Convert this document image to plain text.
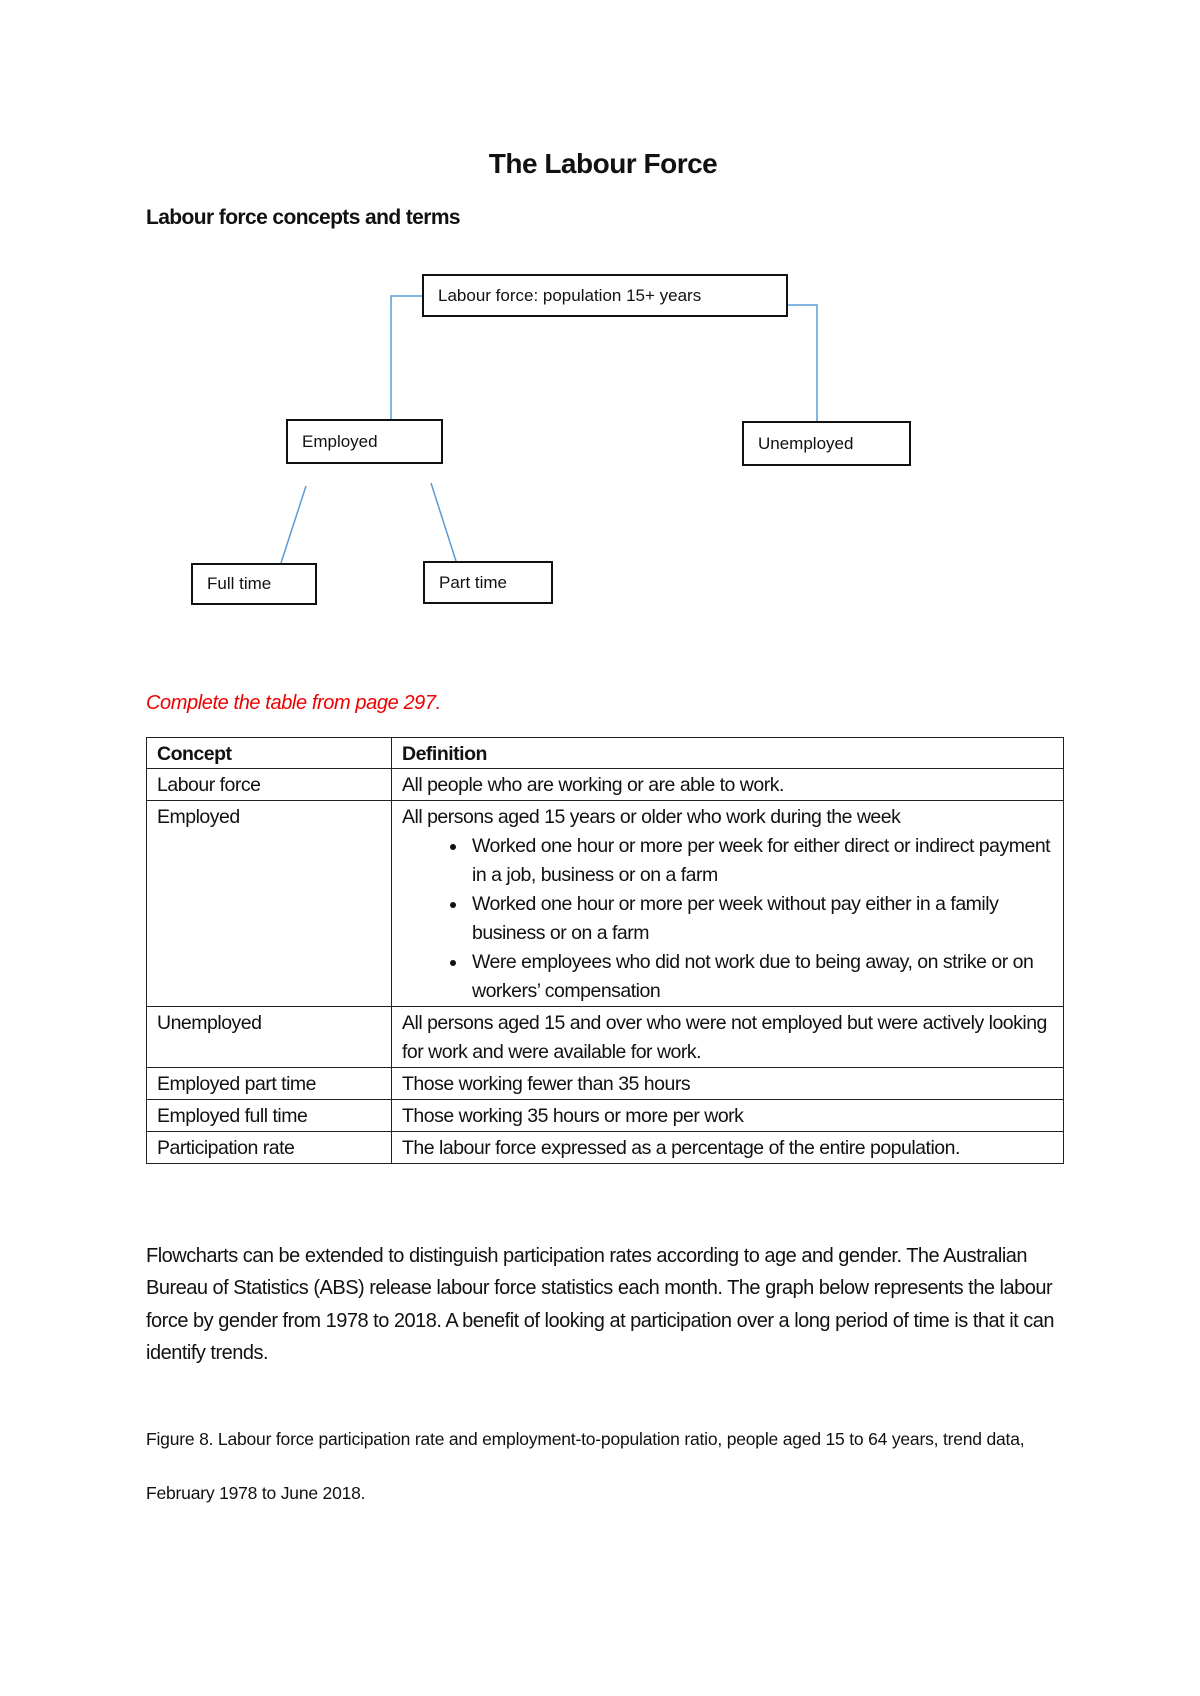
The Labour Force
Labour force concepts and terms
Labour force: population 15+ years
Employed	Unemployed
Full time	Part time
Complete the table from page 297.
Concept	Definition
Labour force	All people who are working or are able to work.
Employed	All persons aged 15 years or older who work during the week
• Worked one hour or more per week for either direct or indirect payment in a job, business or on a farm
• Worked one hour or more per week without pay either in a family business or on a farm
• Were employees who did not work due to being away, on strike or on workers’ compensation

Unemployed	All persons aged 15 and over who were not employed but were actively looking for work and were available for work.
Employed part time	Those working fewer than 35 hours
Employed full time	Those working 35 hours or more per work
Participation rate	The labour force expressed as a percentage of the entire population.
Flowcharts can be extended to distinguish participation rates according to age and gender. The Australian Bureau of Statistics (ABS) release labour force statistics each month. The graph below represents the labour force by gender from 1978 to 2018. A benefit of looking at participation over a long period of time is that it can identify trends.
Figure 8. Labour force participation rate and employment-to-population ratio, people aged 15 to 64 years, trend data, February 1978 to June 2018.
